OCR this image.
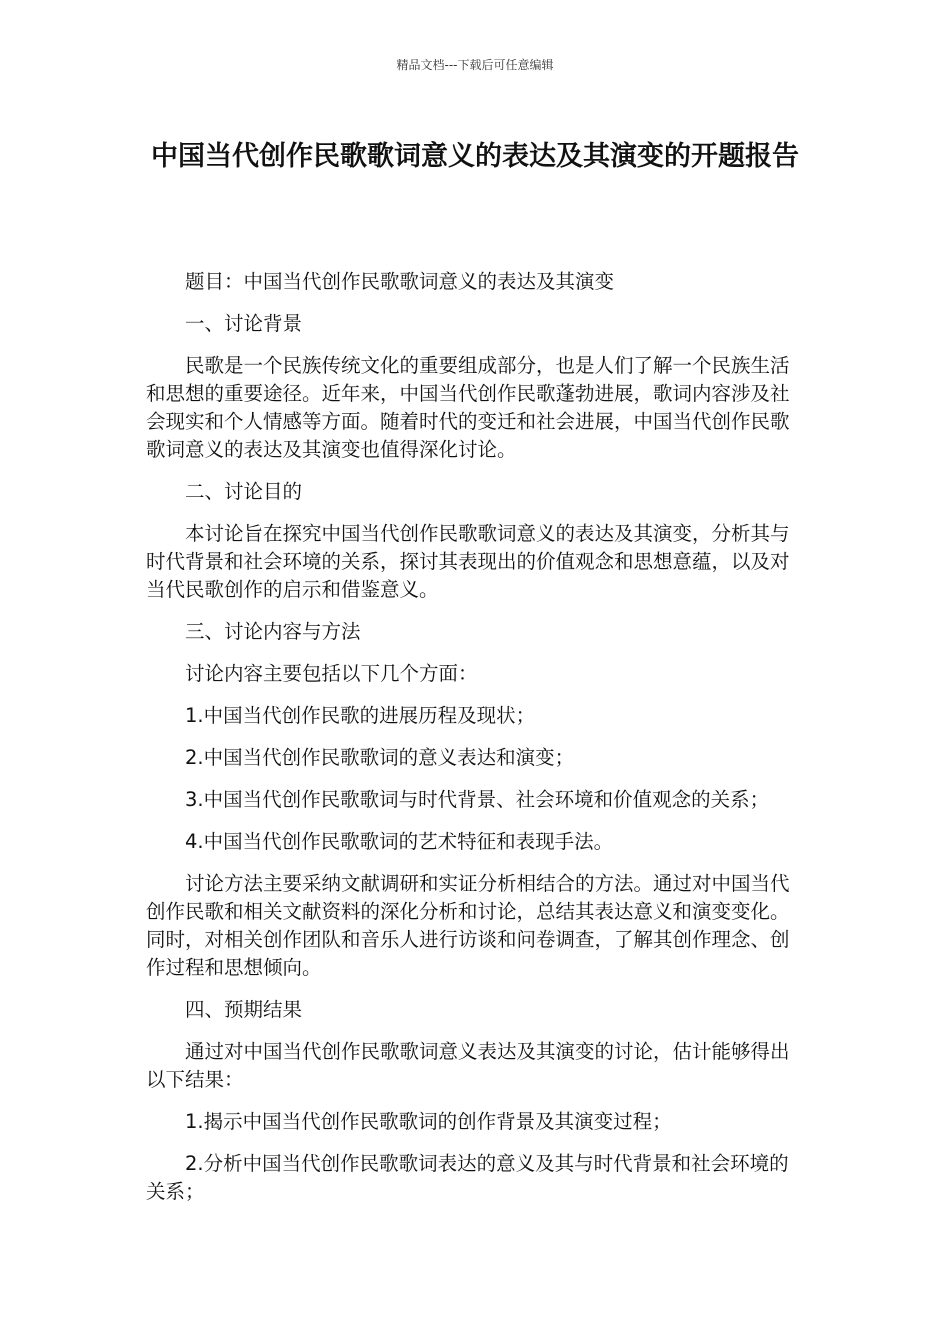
精品文档---下载后可任意编辑
中国当代创作民歌歌词意义的表达及其演变的开题报告

题目：中国当代创作民歌歌词意义的表达及其演变

一、讨论背景

民歌是一个民族传统文化的重要组成部分，也是人们了解一个民族生活和思想的重要途径。近年来，中国当代创作民歌蓬勃进展，歌词内容涉及社会现实和个人情感等方面。随着时代的变迁和社会进展，中国当代创作民歌歌词意义的表达及其演变也值得深化讨论。

二、讨论目的

本讨论旨在探究中国当代创作民歌歌词意义的表达及其演变，分析其与时代背景和社会环境的关系，探讨其表现出的价值观念和思想意蕴，以及对当代民歌创作的启示和借鉴意义。

三、讨论内容与方法

讨论内容主要包括以下几个方面：

1.中国当代创作民歌的进展历程及现状；

2.中国当代创作民歌歌词的意义表达和演变；

3.中国当代创作民歌歌词与时代背景、社会环境和价值观念的关系；

4.中国当代创作民歌歌词的艺术特征和表现手法。

讨论方法主要采纳文献调研和实证分析相结合的方法。通过对中国当代创作民歌和相关文献资料的深化分析和讨论，总结其表达意义和演变变化。同时，对相关创作团队和音乐人进行访谈和问卷调查，了解其创作理念、创作过程和思想倾向。

四、预期结果

通过对中国当代创作民歌歌词意义表达及其演变的讨论，估计能够得出以下结果：

1.揭示中国当代创作民歌歌词的创作背景及其演变过程；

2.分析中国当代创作民歌歌词表达的意义及其与时代背景和社会环境的关系；
